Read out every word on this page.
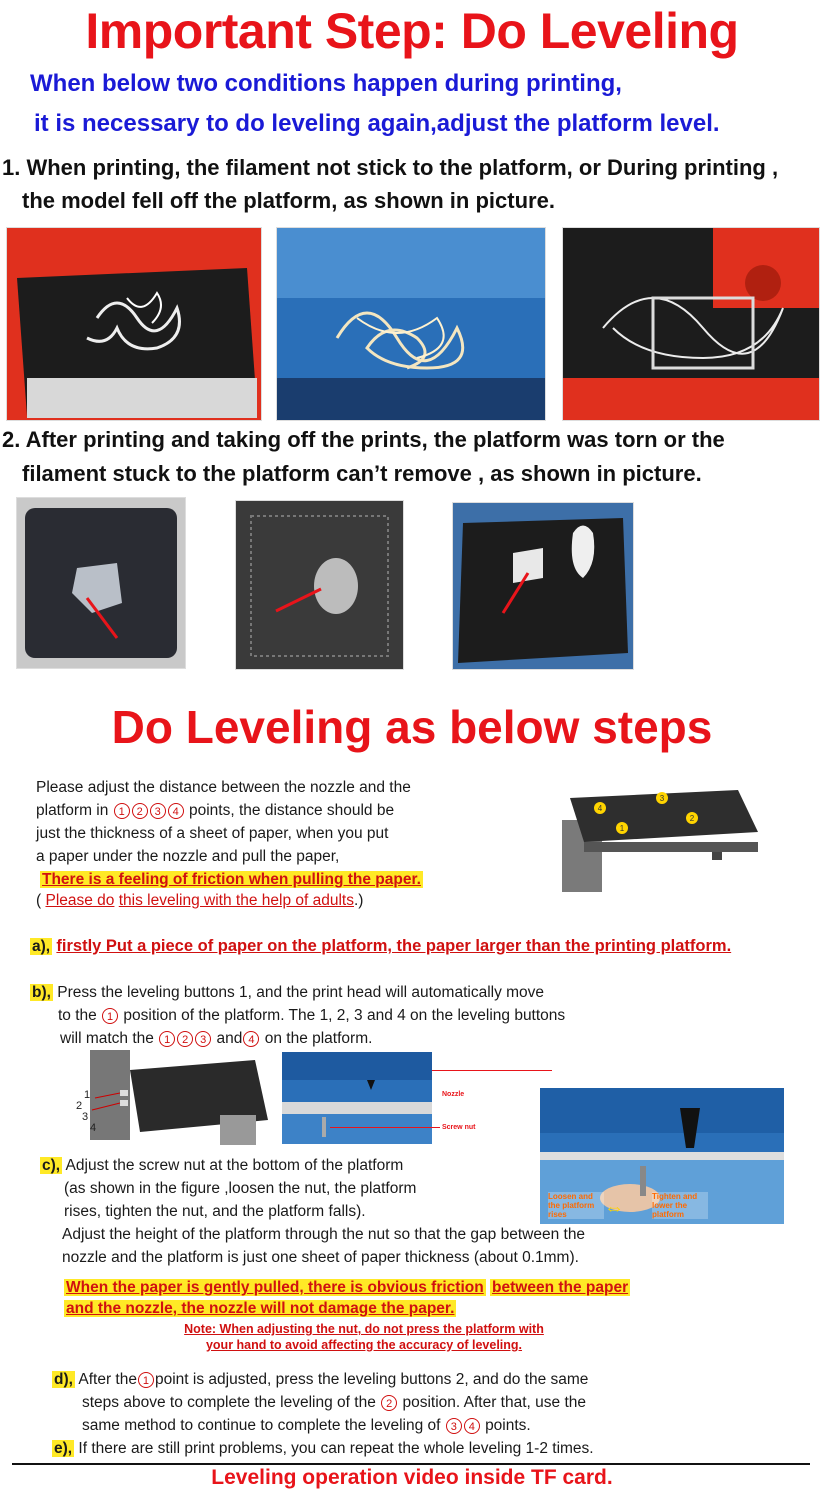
Important Step: Do Leveling
When below two conditions happen during printing,
it is necessary to do leveling again,adjust the platform level.
1. When printing, the filament not stick to the platform, or During printing ,
the model fell off the platform, as shown in picture.
2. After printing and taking off the prints, the platform was torn or the
filament stuck to the platform can’t remove , as shown in picture.
Do Leveling as below steps
Please adjust the distance between the nozzle and the
platform in 1 2 3 4 points, the distance should be
just the thickness of a sheet of paper, when you put
a paper under the nozzle and pull the paper,
There is a feeling of friction when pulling the paper.
( Please do this leveling with the help of adults.)
4
3
1
2
a), firstly Put a piece of paper on the platform, the paper larger than the printing platform.
b), Press the leveling buttons 1, and the print head will automatically move
to the 1 position of the platform. The 1, 2, 3 and 4 on the leveling buttons
will match the 1 2 3 and 4 on the platform.
1
2
3
4
Nozzle
Screw nut
Loosen and the platform rises	⇔
Tighten and lower the platform
c), Adjust the screw nut at the bottom of the platform
(as shown in the figure ,loosen the nut, the platform
rises, tighten the nut, and the platform falls).
Adjust the height of the platform through the nut so that the gap between the
nozzle and the platform is just one sheet of paper thickness (about 0.1mm).
When the paper is gently pulled, there is obvious friction between the paper
and the nozzle, the nozzle will not damage the paper.
Note: When adjusting the nut, do not press the platform with
your hand to avoid affecting the accuracy of leveling.
d), After the 1 point is adjusted, press the leveling buttons 2, and do the same
steps above to complete the leveling of the 2 position. After that, use the
same method to continue to complete the leveling of 3 4 points.
e), If there are still print problems, you can repeat the whole leveling 1-2 times.
Leveling operation video inside TF card.
